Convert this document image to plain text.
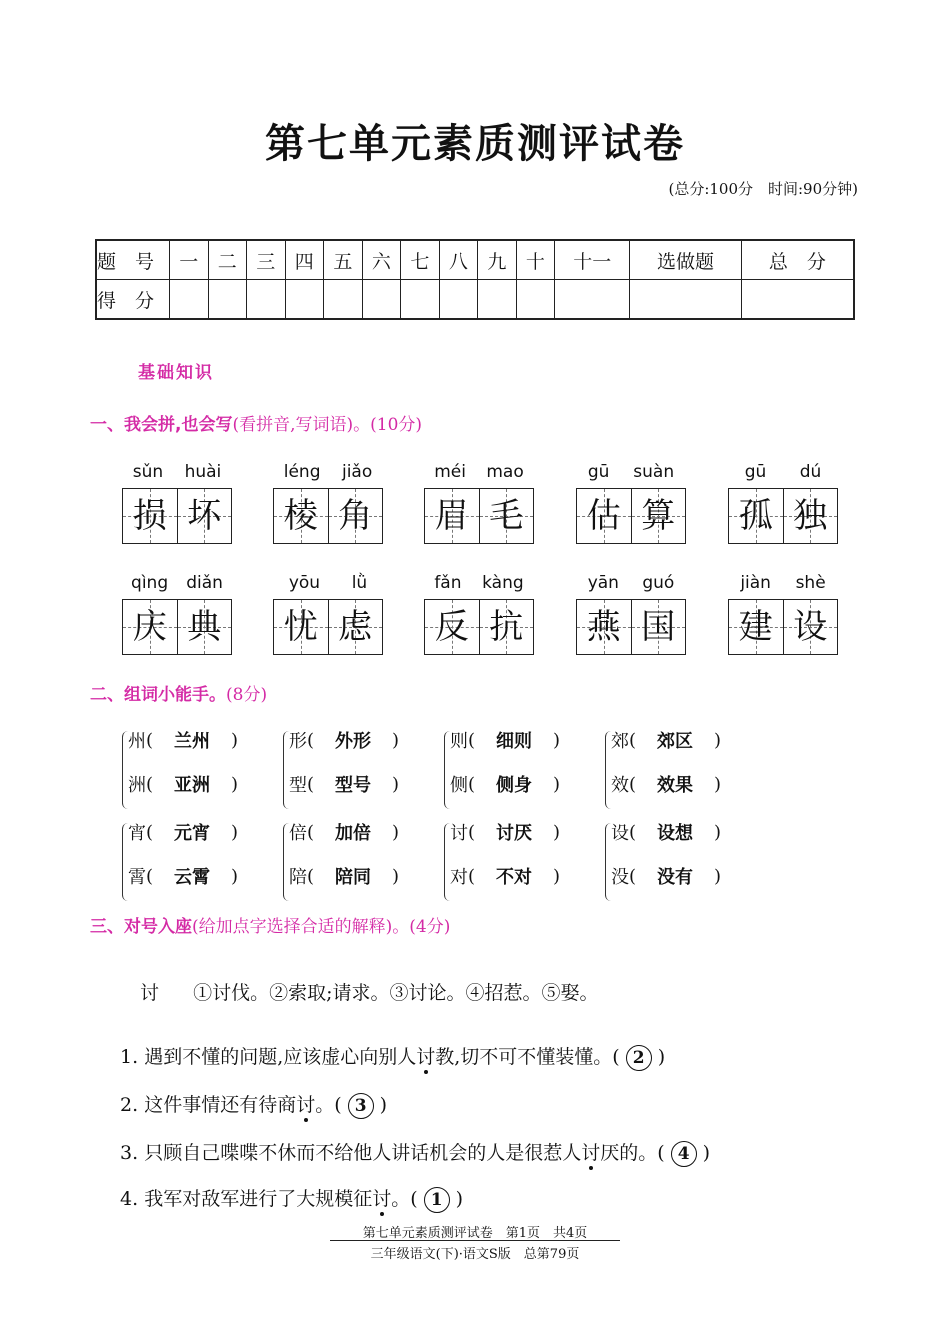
第七单元素质测评试卷
(总分:100分　时间:90分钟)
题　号	一	二	三	四	五	六	七	八	九	十	十一	选做题	总　分
得　分													
基础知识
一、我会拼,也会写(看拼音,写词语)。(10分)
sǔn huài
损 坏
léng jiǎo
棱 角
méi mao
眉 毛
gū suàn
估 算
gū dú
孤 独
qìng diǎn
庆 典
yōu lǜ
忧 虑
fǎn kàng
反 抗
yān guó
燕 国
jiàn shè
建 设
二、组词小能手。(8分)
州 (	兰州	)
洲 (	亚洲	)
形 (	外形	)
型 (	型号	)
则 (	细则	)
侧 (	侧身	)
郊 (	郊区	)
效 (	效果	)
宵 (	元宵	)
霄 (	云霄	)
倍 (	加倍	)
陪 (	陪同	)
讨 (	讨厌	)
对 (	不对	)
设 (	设想	)
没 (	没有	)
三、对号入座(给加点字选择合适的解释)。(4分)
讨 ①讨伐。②索取;请求。③讨论。④招惹。⑤娶。
1. 遇到不懂的问题,应该虚心向别人讨教,切不可不懂装懂。( 2 )
2. 这件事情还有待商讨。( 3 )
3. 只顾自己喋喋不休而不给他人讲话机会的人是很惹人讨厌的。( 4 )
4. 我军对敌军进行了大规模征讨。( 1 )
第七单元素质测评试卷　第1页　共4页
三年级语文(下)·语文S版　总第79页
